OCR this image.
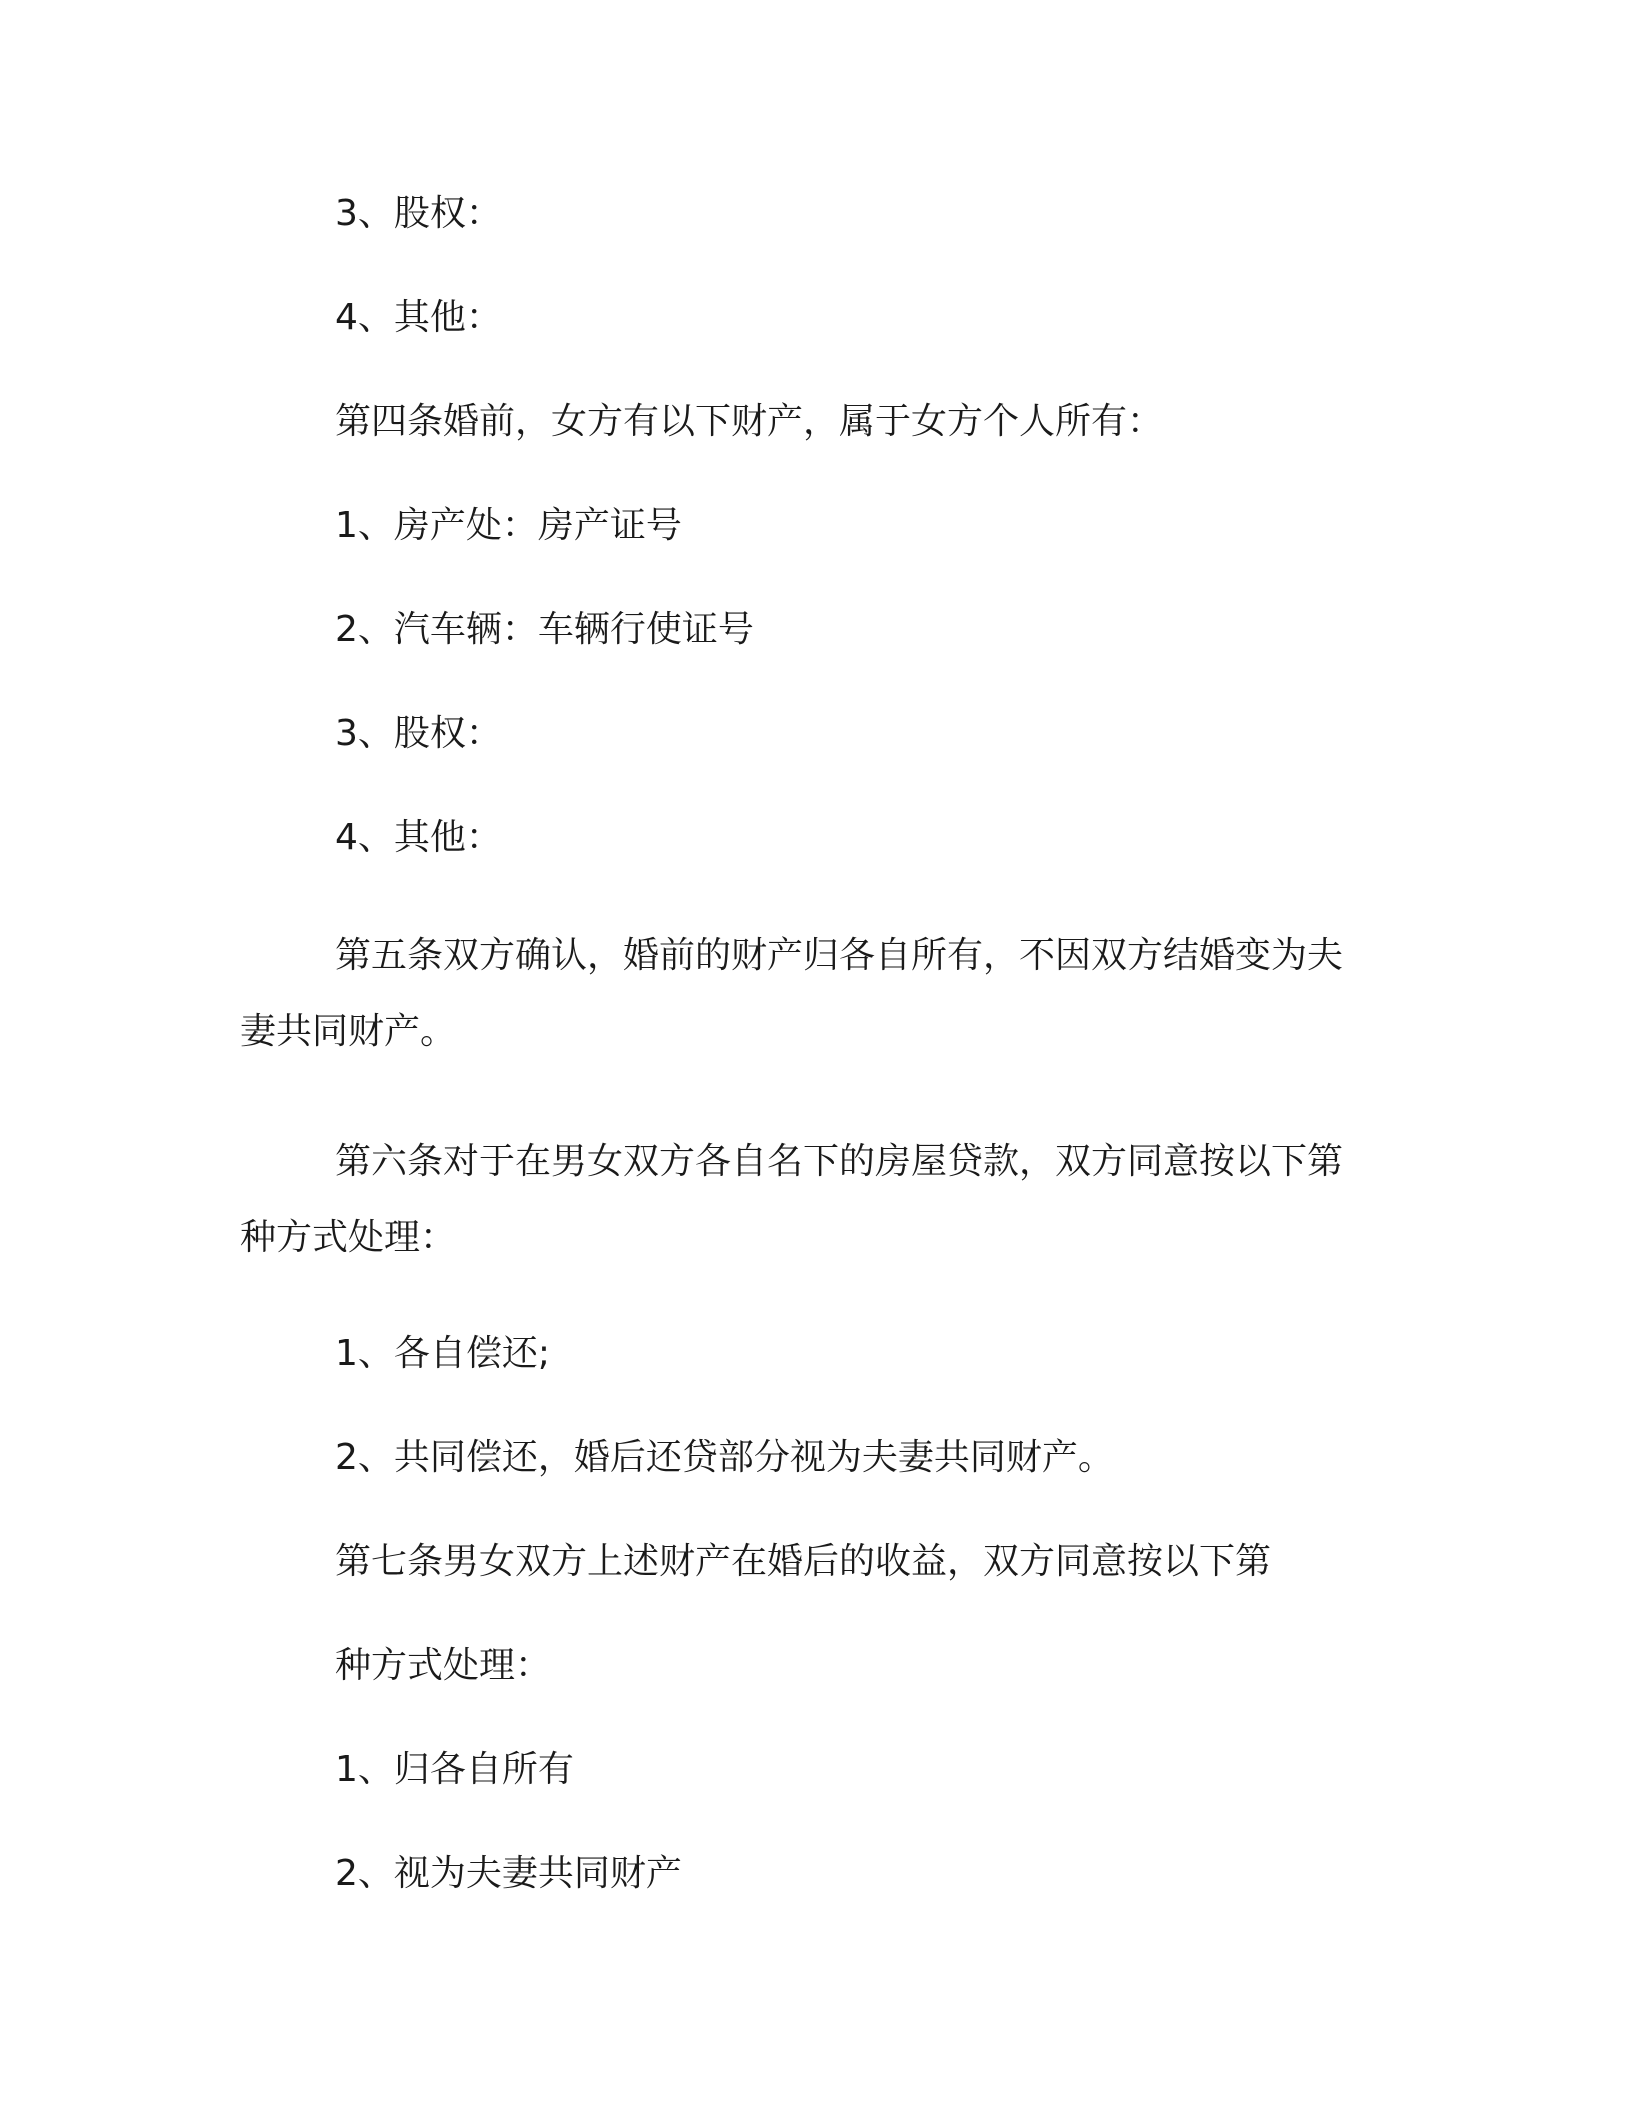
3、股权：

4、其他：

第四条婚前，女方有以下财产，属于女方个人所有：

1、房产处：房产证号

2、汽车辆：车辆行使证号

3、股权：

4、其他：

第五条双方确认，婚前的财产归各自所有，不因双方结婚变为夫
妻共同财产。
第六条对于在男女双方各自名下的房屋贷款，双方同意按以下第
种方式处理：

1、各自偿还;

2、共同偿还，婚后还贷部分视为夫妻共同财产。

第七条男女双方上述财产在婚后的收益，双方同意按以下第

种方式处理：

1、归各自所有

2、视为夫妻共同财产
